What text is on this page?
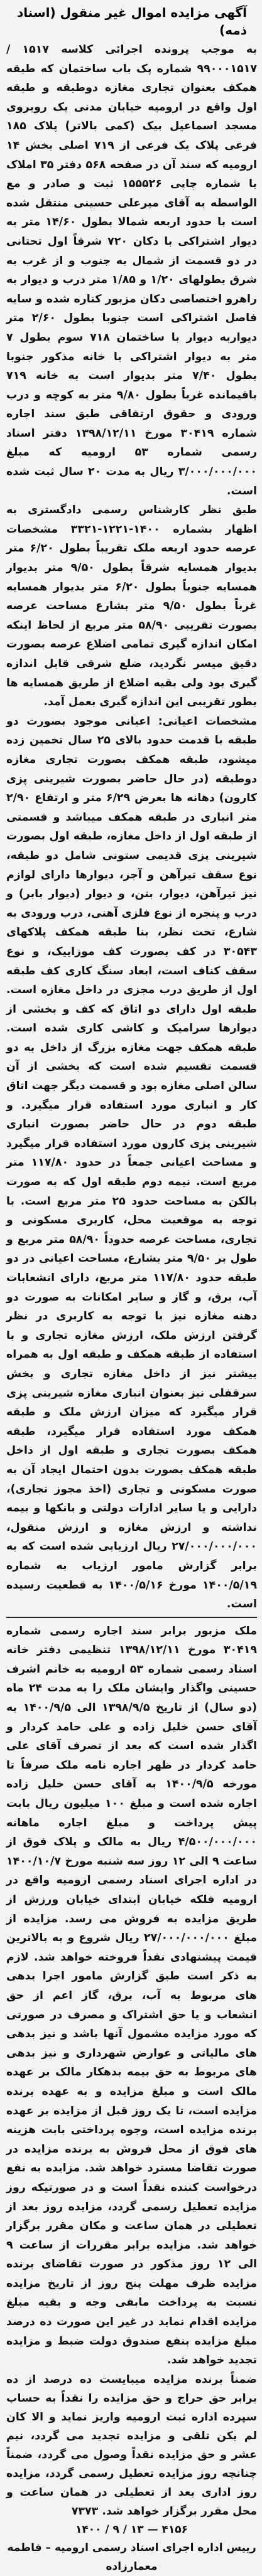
آگهی مزایده اموال غیر منقول (اسناد ذمه)

به موجب پرونده اجرائی کلاسه ۱۵۱۷ / ۹۹۰۰۰۱۵۱۷ شماره پک باب ساختمان که طبقه همکف بعنوان تجاری مغازه دوطبقه و طبقه اول واقع در ارومیه خیابان مدنی یک روبروی مسجد اسماعیل بیک (کمی بالاتر) پلاک ۱۸۵ فرعی پلاک یک فرعی از ۷۱۹ اصلی بخش ۱۴ ارومیه که سند آن در صفحه ۵۶۸ دفتر ۳۵ املاک با شماره چاپی ۱۵۵۵۲۶ ثبت و صادر و مع الواسطه به آقای میرعلی حسینی منتقل شده است با حدود اربعه شمالا بطول ۱۴/۶۰ متر به دیوار اشتراکی با دکان ۷۲۰ شرقاً اول تحتانی در دو قسمت از شمال به جنوب و از غرب به شرق بطولهای ۱/۲۰ و ۱/۸۵ متر درب و دیوار به راهرو اختصاصی دکان مزبور کناره شده و سایه فاصل اشتراکی است جنوبا بطول ۲/۶۰ متر دیواربه دیوار با ساختمان ۷۱۸ سوم بطول ۷ متر به دیوار اشتراکی با خانه مذکور جنوبا بطول ۷/۴۰ متر بدیوار است به خانه ۷۱۹ باقیمانده غرباً بطول ۹/۸۰ متر به کوچه و درب ورودی و حقوق ارتفاقی طبق سند اجاره شماره ۳۰۴۱۹ مورخ ۱۳۹۸/۱۲/۱۱ دفتر اسناد رسمی شماره ۵۳ ارومیه که مبلغ ۳/۰۰۰/۰۰۰/۰۰۰ ریال به مدت ۲۰ سال ثبت شده است.

طبق نظر کارشناس رسمی دادگستری به اظهار بشماره ۱۴۰۰-۱۲۲۱-۳۳۲۱ مشخصات عرصه حدود اربعه ملک تقریباً بطول ۶/۲۰ متر بدیوار همسایه شرقاً بطول ۹/۵۰ متر بدیوار همسایه جنوباً بطول ۶/۲۰ متر بدیوار همسایه غرباً بطول ۹/۵۰ متر بشارع مساحت عرصه بصورت تقریبی ۵۸/۹۰ متر مربع از لحاظ اینکه امکان اندازه گیری تمامی اضلاع عرصه بصورت دقیق میسر نگردید، ضلع شرقی قابل اندازه گیری بود ولی بقیه اضلاع از طریق همسایه ها بطور تقریبی این اندازه گیری بعمل آمد.

مشخصات اعیانی: اعیانی موجود بصورت دو طبقه با قدمت حدود بالای ۲۵ سال تخمین زده میشود، طبقه همکف بصورت تجاری مغازه دوطبقه (در حال حاضر بصورت شیرینی پزی کارون) دهانه ها بعرض ۶/۲۹ متر و ارتفاع ۲/۹۰ متر انباری در طبقه همکف میباشد و قسمتی از طبقه اول از داخل مغازه، طبقه اول بصورت شیرینی پزی قدیمی ستونی شامل دو طبقه، نوع سقف تیرآهن و آجر، دیوارها دارای لوازم نیز تیرآهن، دیوار، بتن، و دیوار (دیوار بابر) و درب و پنجره از نوع فلزی آهنی، درب ورودی به شارع، تحت نظر، بنا طبقه همکف پلاکهای ۳۰۵۴۳ در کف بصورت کف موزاییک، و نوع سقف کناف است، ابعاد سنگ کاری کف طبقه اول از طریق درب مجزی در داخل مغازه است. طبقه اول دارای دو اتاق که کف و بخشی از دیوارها سرامیک و کاشی کاری شده است. طبقه همکف جهت مغازه بزرگ از داخل به دو قسمت تقسیم شده است که بخشی از آن سالن اصلی مغازه بود و قسمت دیگر جهت اتاق کار و انباری مورد استفاده قرار میگیرد. و طبقه دوم در حال حاضر بصورت انباری شیرینی پزی کارون مورد استفاده قرار میگیرد و مساحت اعیانی جمعاً در حدود ۱۱۷/۸۰ متر مربع است. نیمه دوم طبقه اول که به صورت بالکن به مساحت حدود ۲۵ متر مربع است. با توجه به موقعیت محل، کاربری مسکونی و تجاری، مساحت عرصه حدوداً ۵۸/۹۰ متر مربع و طول بر ۹/۵۰ متر بشارع، مساحت اعیانی در دو طبقه حدود ۱۱۷/۸۰ متر مربع، دارای انشعابات آب، برق، و گاز و سایر امکانات به صورت دو دهنه مغازه نیز با توجه به کاربری در نظر گرفتن ارزش ملک، ارزش مغازه تجاری و با استفاده از طبقه همکف و طبقه اول به همراه بیشتر نیز از داخل مغازه تجاری و بخش سرقفلی نیز بعنوان انباری مغازه شیرینی پزی قرار میگیرد که میزان ارزش ملک و طبقه همکف مورد استفاده قرار میگیرد، طبقه همکف بصورت تجاری و طبقه اول از داخل طبقه همکف بصورت بدون احتمال ایجاد آن به صورت مسکونی و تجاری (اخذ مجوز تجاری)، دارایی و یا سایر ادارات دولتی و بانکها و بیمه نداشته و ارزش مغازه و ارزش منقول، ۲۷/۰۰۰/۰۰۰/۰۰۰ ریال ارزیابی شده است که به برابر گزارش مامور ارزیاب به شماره ۱۴۰۰/۵/۱۹ مورخ ۱۴۰۰/۵/۱۶ به قطعیت رسیده است.

ملک مزبور برابر سند اجاره رسمی شماره ۳۰۴۱۹ مورخ ۱۳۹۸/۱۲/۱۱ تنظیمی دفتر خانه اسناد رسمی شماره ۵۳ ارومیه به خانم اشرف حسینی واگذار وایشان ملک را به مدت ۲۴ ماه (دو سال) از تاریخ ۱۳۹۸/۹/۵ الی ۱۴۰۰/۹/۵ به آقای حسن خلیل زاده و علی حامد کردار و اگذار شده است که بعد از تصرف آقای علی حامد کردار در ظهر اجاره نامه ملک صرفاً تا مورخه ۱۴۰۰/۹/۵ به آقای حسن خلیل زاده اجاره شده است و مبلغ ۱۰۰ میلیون ریال بابت پیش پرداخت و مبلغ اجاره ماهانه ۴/۵۰۰/۰۰۰/۰۰۰ ریال به مالک و پلاک فوق از ساعت ۹ الی ۱۲ روز سه شنبه مورخ ۱۴۰۰/۱۰/۷ در اداره اجرای اسناد رسمی ارومیه واقع در ارومیه فلکه خیابان ابتدای خیابان ورزش از طریق مزایده به فروش می رسد. مزایده از مبلغ ۲۷/۰۰۰/۰۰۰/۰۰۰ ریال شروع و به بالاترین قیمت پیشنهادی نقداً فروخته خواهد شد. لازم به ذکر است طبق گزارش مامور اجرا بدهی های مربوط به آب، برق، گاز اعم از حق انشعاب و یا حق اشتراک و مصرف در صورتی که مورد مزایده مشمول آنها باشد و نیز بدهی های مالیاتی و عوارض شهرداری و نیز بدهی های مربوط به حق بیمه بدهکار مالک بر عهده مالک است و مبلغ مزایده و به عهده برنده مزایده است، تا یک روز قبل از مزایده بر عهده برنده مزایده است، وجوه پرداختی بابت هزینه های فوق از محل فروش به برنده مزایده در صورت تقاضا مسترد خواهد شد. مزایده به نفع درخواست کننده نقداً است و در صورتیکه روز مزایده تعطیل رسمی گردد، مزایده روز بعد از تعطیلی در همان ساعت و مکان مقرر برگزار خواهد شد. مزایده برابر مقررات از ساعت ۹ الی ۱۲ روز مذکور در صورت تقاضای برنده مزایده ظرف مهلت پنج روز از تاریخ مزایده نسبت به پرداخت مابقی وجه و بقیه مبلغ مزایده اقدام نماید در غیر این صورت ده درصد مبلغ مزایده بنفع صندوق دولت ضبط و مزایده تجدید خواهد شد.

ضمناً برنده مزایده میبایست ده درصد از ده برابر حق حراج و حق مزایده را نقداً به حساب سپرده اداره ثبت ارومیه واریز نماید و الا کان لم یکن تلقی و مزایده تجدید می گردد، نیم عشر و حق مزایده نقداً وصول می گردد، ضمناً چنانچه روز مزایده تعطیل رسمی گردد، مزایده روز اداری بعد از تعطیلی در همان ساعت و محل مقرر برگزار خواهد شد. ۷۳۷۳

۱۴۰۰ / ۹ / ۱۳ — ۴۱۵۶

رییس اداره اجرای اسناد رسمی ارومیه – فاطمه معمارزاده
